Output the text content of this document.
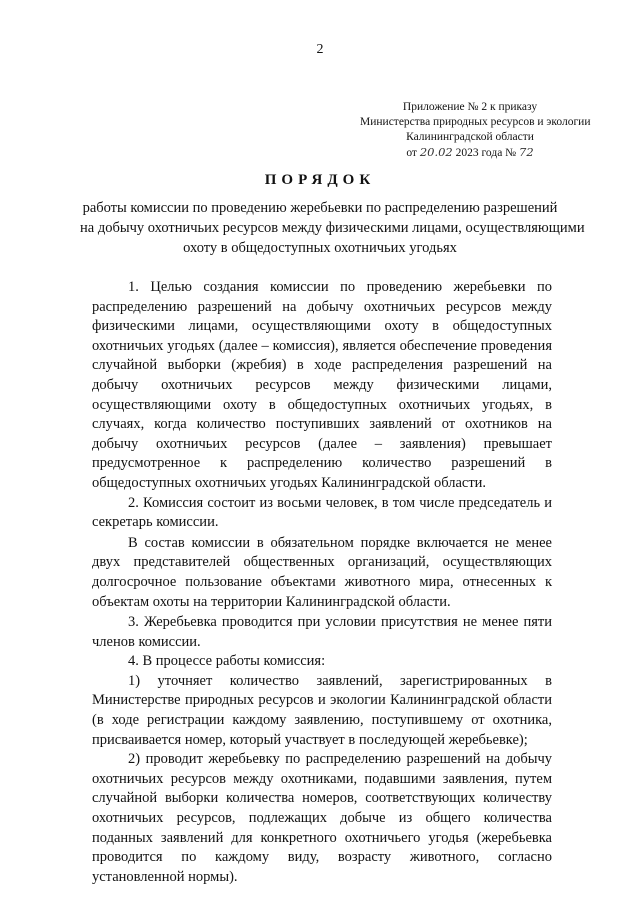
2
Приложение № 2 к приказу
Министерства природных ресурсов и экологии
Калининградской области
от 20.02 2023 года № 72
ПОРЯДОК
работы комиссии по проведению жеребьевки по распределению разрешений
на добычу охотничьих ресурсов между физическими лицами, осуществляющими
охоту в общедоступных охотничьих угодьях

1. Целью создания комиссии по проведению жеребьевки по распределению разрешений на добычу охотничьих ресурсов между физическими лицами, осуществляющими охоту в общедоступных охотничьих угодьях (далее – комиссия), является обеспечение проведения случайной выборки (жребия) в ходе распределения разрешений на добычу охотничьих ресурсов между физическими лицами, осуществляющими охоту в общедоступных охотничьих угодьях, в случаях, когда количество поступивших заявлений от охотников на добычу охотничьих ресурсов (далее – заявления) превышает предусмотренное к распределению количество разрешений в общедоступных охотничьих угодьях Калининградской области.

2. Комиссия состоит из восьми человек, в том числе председатель и секретарь комиссии.

В состав комиссии в обязательном порядке включается не менее двух представителей общественных организаций, осуществляющих долгосрочное пользование объектами животного мира, отнесенных к объектам охоты на территории Калининградской области.

3. Жеребьевка проводится при условии присутствия не менее пяти членов комиссии.

4. В процессе работы комиссия:

1) уточняет количество заявлений, зарегистрированных в Министерстве природных ресурсов и экологии Калининградской области (в ходе регистрации каждому заявлению, поступившему от охотника, присваивается номер, который участвует в последующей жеребьевке);

2) проводит жеребьевку по распределению разрешений на добычу охотничьих ресурсов между охотниками, подавшими заявления, путем случайной выборки количества номеров, соответствующих количеству охотничьих ресурсов, подлежащих добыче из общего количества поданных заявлений для конкретного охотничьего угодья (жеребьевка проводится по каждому виду, возрасту животного, согласно установленной нормы).
